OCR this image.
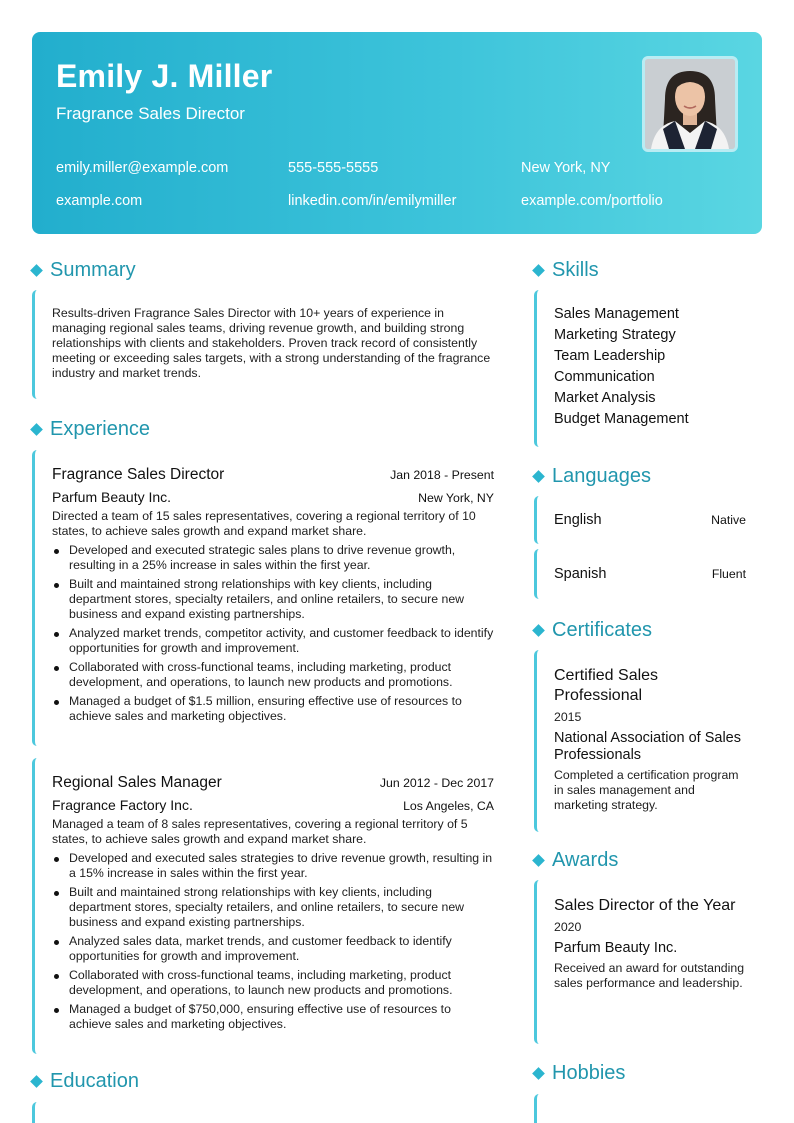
Emily J. Miller
Fragrance Sales Director
emily.miller@example.com	555-555-5555	New York, NY
example.com	linkedin.com/in/emilymiller	example.com/portfolio
Summary
Results-driven Fragrance Sales Director with 10+ years of experience in managing regional sales teams, driving revenue growth, and building strong relationships with clients and stakeholders. Proven track record of consistently meeting or exceeding sales targets, with a strong understanding of the fragrance industry and market trends.
Experience
Fragrance Sales Director	Jan 2018 - Present
Parfum Beauty Inc.	New York, NY
Directed a team of 15 sales representatives, covering a regional territory of 10 states, to achieve sales growth and expand market share.
Developed and executed strategic sales plans to drive revenue growth, resulting in a 25% increase in sales within the first year.
Built and maintained strong relationships with key clients, including department stores, specialty retailers, and online retailers, to secure new business and expand existing partnerships.
Analyzed market trends, competitor activity, and customer feedback to identify opportunities for growth and improvement.
Collaborated with cross-functional teams, including marketing, product development, and operations, to launch new products and promotions.
Managed a budget of $1.5 million, ensuring effective use of resources to achieve sales and marketing objectives.
Regional Sales Manager	Jun 2012 - Dec 2017
Fragrance Factory Inc.	Los Angeles, CA
Managed a team of 8 sales representatives, covering a regional territory of 5 states, to achieve sales growth and expand market share.
Developed and executed sales strategies to drive revenue growth, resulting in a 15% increase in sales within the first year.
Built and maintained strong relationships with key clients, including department stores, specialty retailers, and online retailers, to secure new business and expand existing partnerships.
Analyzed sales data, market trends, and customer feedback to identify opportunities for growth and improvement.
Collaborated with cross-functional teams, including marketing, product development, and operations, to launch new products and promotions.
Managed a budget of $750,000, ensuring effective use of resources to achieve sales and marketing objectives.
Education
Skills
Sales Management
Marketing Strategy
Team Leadership
Communication
Market Analysis
Budget Management
Languages
English	Native
Spanish	Fluent
Certificates
Certified Sales Professional
2015
National Association of Sales Professionals
Completed a certification program in sales management and marketing strategy.
Awards
Sales Director of the Year
2020
Parfum Beauty Inc.
Received an award for outstanding sales performance and leadership.
Hobbies
